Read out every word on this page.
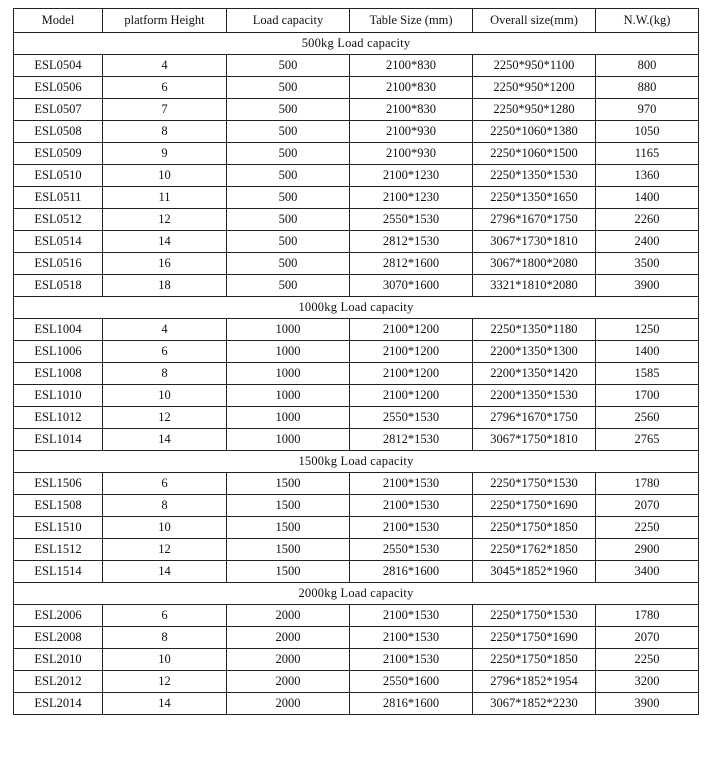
Model	platform Height	Load capacity	Table Size (mm)	Overall size(mm)	N.W.(kg)
500kg Load capacity					
ESL0504	4	500	2100*830	2250*950*1100	800
ESL0506	6	500	2100*830	2250*950*1200	880
ESL0507	7	500	2100*830	2250*950*1280	970
ESL0508	8	500	2100*930	2250*1060*1380	1050
ESL0509	9	500	2100*930	2250*1060*1500	1165
ESL0510	10	500	2100*1230	2250*1350*1530	1360
ESL0511	11	500	2100*1230	2250*1350*1650	1400
ESL0512	12	500	2550*1530	2796*1670*1750	2260
ESL0514	14	500	2812*1530	3067*1730*1810	2400
ESL0516	16	500	2812*1600	3067*1800*2080	3500
ESL0518	18	500	3070*1600	3321*1810*2080	3900
1000kg Load capacity					
ESL1004	4	1000	2100*1200	2250*1350*1180	1250
ESL1006	6	1000	2100*1200	2200*1350*1300	1400
ESL1008	8	1000	2100*1200	2200*1350*1420	1585
ESL1010	10	1000	2100*1200	2200*1350*1530	1700
ESL1012	12	1000	2550*1530	2796*1670*1750	2560
ESL1014	14	1000	2812*1530	3067*1750*1810	2765
1500kg Load capacity					
ESL1506	6	1500	2100*1530	2250*1750*1530	1780
ESL1508	8	1500	2100*1530	2250*1750*1690	2070
ESL1510	10	1500	2100*1530	2250*1750*1850	2250
ESL1512	12	1500	2550*1530	2250*1762*1850	2900
ESL1514	14	1500	2816*1600	3045*1852*1960	3400
2000kg Load capacity					
ESL2006	6	2000	2100*1530	2250*1750*1530	1780
ESL2008	8	2000	2100*1530	2250*1750*1690	2070
ESL2010	10	2000	2100*1530	2250*1750*1850	2250
ESL2012	12	2000	2550*1600	2796*1852*1954	3200
ESL2014	14	2000	2816*1600	3067*1852*2230	3900
